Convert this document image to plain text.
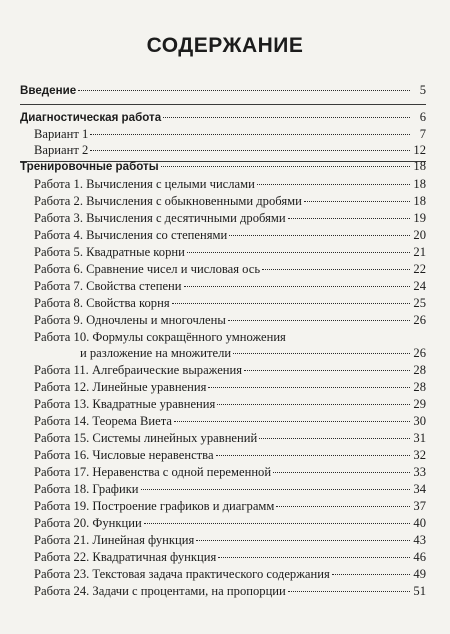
СОДЕРЖАНИЕ
Введение	5
Диагностическая работа	6
Вариант 1	7
Вариант 2	12
Тренировочные работы	18
Работа 1. Вычисления с целыми числами	18
Работа 2. Вычисления с обыкновенными дробями	18
Работа 3. Вычисления с десятичными дробями	19
Работа 4. Вычисления со степенями	20
Работа 5. Квадратные корни	21
Работа 6. Сравнение чисел и числовая ось	22
Работа 7. Свойства степени	24
Работа 8. Свойства корня	25
Работа 9. Одночлены и многочлены	26
Работа 10. Формулы сокращённого умножения
и разложение на множители	26
Работа 11. Алгебраические выражения	28
Работа 12. Линейные уравнения	28
Работа 13. Квадратные уравнения	29
Работа 14. Теорема Виета	30
Работа 15. Системы линейных уравнений	31
Работа 16. Числовые неравенства	32
Работа 17. Неравенства с одной переменной	33
Работа 18. Графики	34
Работа 19. Построение графиков и диаграмм	37
Работа 20. Функции	40
Работа 21. Линейная функция	43
Работа 22. Квадратичная функция	46
Работа 23. Текстовая задача практического содержания	49
Работа 24. Задачи с процентами, на пропорции	51
